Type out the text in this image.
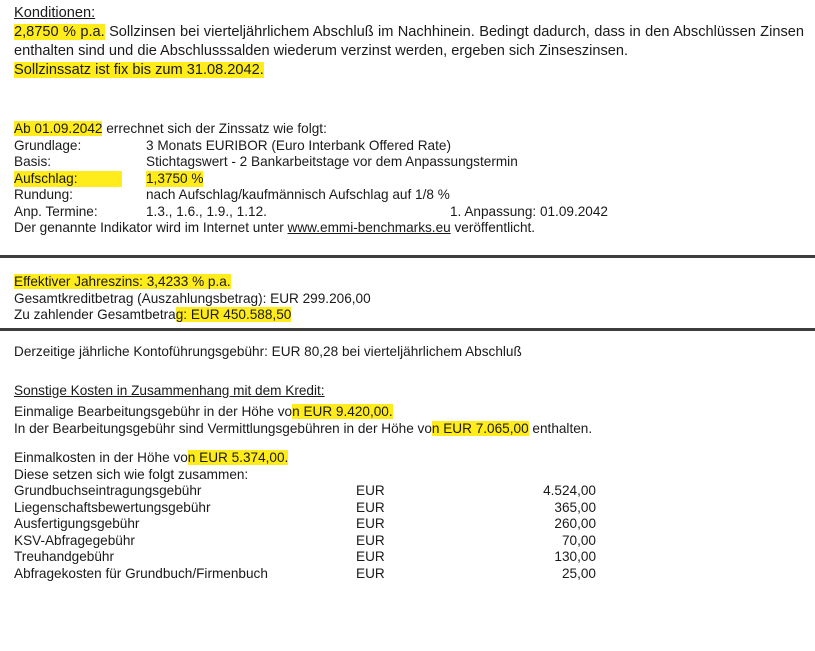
Konditionen:

2,8750 % p.a. Sollzinsen bei vierteljährlichem Abschluß im Nachhinein. Bedingt dadurch, dass in den Abschlüssen Zinsen enthalten sind und die Abschlusssalden wiederum verzinst werden, ergeben sich Zinseszinsen.

Sollzinssatz ist fix bis zum 31.08.2042.
Ab 01.09.2042 errechnet sich der Zinssatz wie folgt:
Grundlage:	3 Monats EURIBOR (Euro Interbank Offered Rate)
Basis:	Stichtagswert - 2 Bankarbeitstage vor dem Anpassungstermin
Aufschlag:	1,3750 %
Rundung:	nach Aufschlag/kaufmännisch Aufschlag auf 1/8 %
Anp. Termine:	1.3., 1.6., 1.9., 1.12.	1. Anpassung: 01.09.2042
Der genannte Indikator wird im Internet unter www.emmi-benchmarks.eu veröffentlicht.
Effektiver Jahreszins: 3,4233 % p.a.
Gesamtkreditbetrag (Auszahlungsbetrag): EUR 299.206,00
Zu zahlender Gesamtbetrag: EUR 450.588,50
Derzeitige jährliche Kontoführungsgebühr: EUR 80,28 bei vierteljährlichem Abschluß
Sonstige Kosten in Zusammenhang mit dem Kredit:
Einmalige Bearbeitungsgebühr in der Höhe von EUR 9.420,00.
In der Bearbeitungsgebühr sind Vermittlungsgebühren in der Höhe von EUR 7.065,00 enthalten.
Einmalkosten in der Höhe von EUR 5.374,00.
Diese setzen sich wie folgt zusammen:
Grundbuchseintragungsgebühr	EUR	4.524,00
Liegenschaftsbewertungsgebühr	EUR	365,00
Ausfertigungsgebühr	EUR	260,00
KSV-Abfragegebühr	EUR	70,00
Treuhandgebühr	EUR	130,00
Abfragekosten für Grundbuch/Firmenbuch	EUR	25,00
